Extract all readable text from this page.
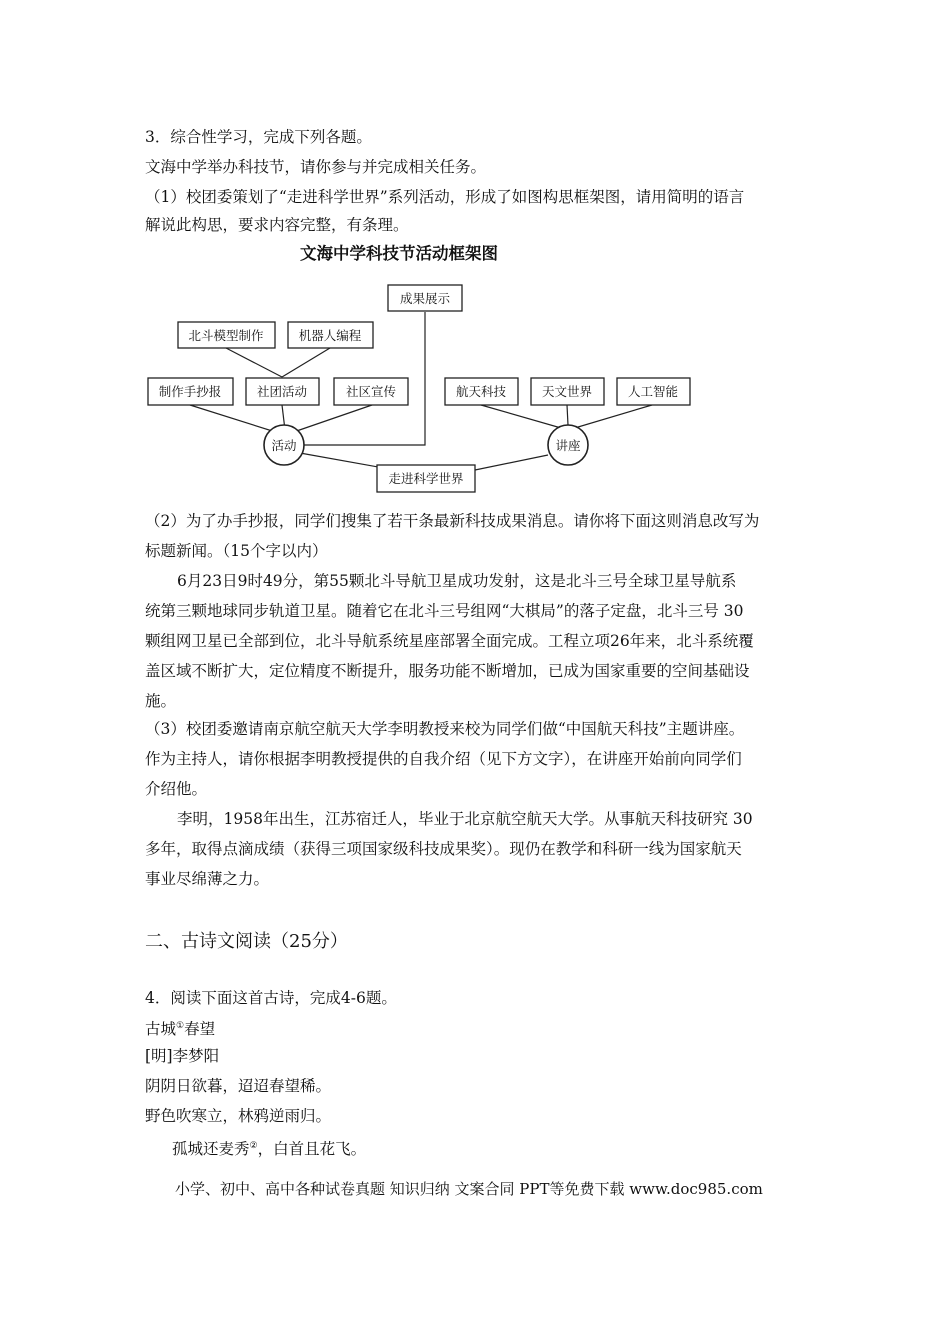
3．综合性学习，完成下列各题。
文海中学举办科技节，请你参与并完成相关任务。
（1）校团委策划了“走进科学世界”系列活动，形成了如图构思框架图，请用简明的语言
解说此构思，要求内容完整，有条理。
文海中学科技节活动框架图
成果展示
北斗模型制作	机器人编程
制作手抄报	社团活动	社区宣传	航天科技	天文世界	人工智能
活动	讲座
走进科学世界
（2）为了办手抄报，同学们搜集了若干条最新科技成果消息。请你将下面这则消息改写为
标题新闻。（15个字以内）
6月23日9时49分，第55颗北斗导航卫星成功发射，这是北斗三号全球卫星导航系
统第三颗地球同步轨道卫星。随着它在北斗三号组网“大棋局”的落子定盘，北斗三号 30
颗组网卫星已全部到位，北斗导航系统星座部署全面完成。工程立项26年来，北斗系统覆
盖区域不断扩大，定位精度不断提升，服务功能不断增加，已成为国家重要的空间基础设
施。
（3）校团委邀请南京航空航天大学李明教授来校为同学们做“中国航天科技”主题讲座。
作为主持人，请你根据李明教授提供的自我介绍（见下方文字），在讲座开始前向同学们
介绍他。
李明，1958年出生，江苏宿迁人，毕业于北京航空航天大学。从事航天科技研究 30
多年，取得点滴成绩（获得三项国家级科技成果奖）。现仍在教学和科研一线为国家航天
事业尽绵薄之力。
二、古诗文阅读（25分）
4．阅读下面这首古诗，完成4-6题。
古城①春望
[明]李梦阳
阴阴日欲暮，迢迢春望稀。
野色吹寒立，林鸦逆雨归。
孤城还麦秀②，白首且花飞。
小学、初中、高中各种试卷真题 知识归纳 文案合同 PPT等免费下载 www.doc985.com
